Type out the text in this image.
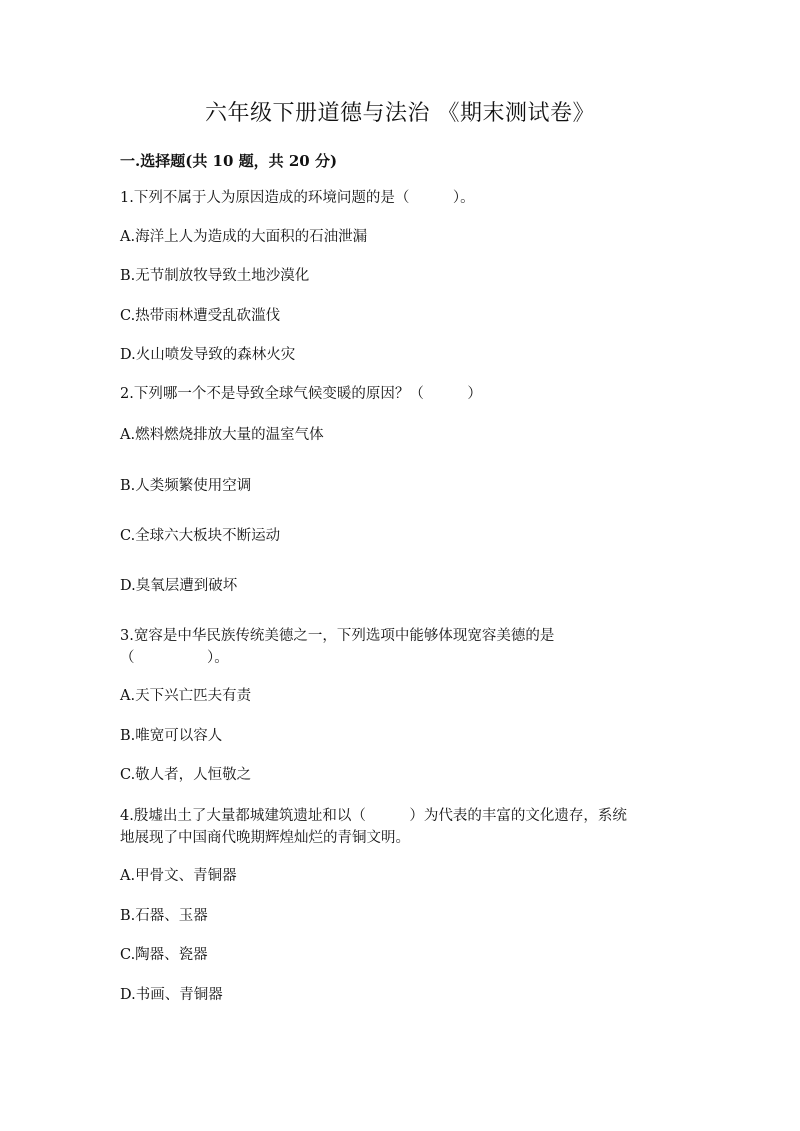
六年级下册道德与法治 《期末测试卷》
一.选择题(共 10 题，共 20 分)
1.下列不属于人为原因造成的环境问题的是（　　　）。
A.海洋上人为造成的大面积的石油泄漏
B.无节制放牧导致土地沙漠化
C.热带雨林遭受乱砍滥伐
D.火山喷发导致的森林火灾
2.下列哪一个不是导致全球气候变暖的原因？（　　　）
A.燃料燃烧排放大量的温室气体
B.人类频繁使用空调
C.全球六大板块不断运动
D.臭氧层遭到破坏
3.宽容是中华民族传统美德之一，下列选项中能够体现宽容美德的是
（　　　　　）。
A.天下兴亡匹夫有责
B.唯宽可以容人
C.敬人者，人恒敬之
4.殷墟出土了大量都城建筑遗址和以（　　　）为代表的丰富的文化遗存，系统
地展现了中国商代晚期辉煌灿烂的青铜文明。
A.甲骨文、青铜器
B.石器、玉器
C.陶器、瓷器
D.书画、青铜器
